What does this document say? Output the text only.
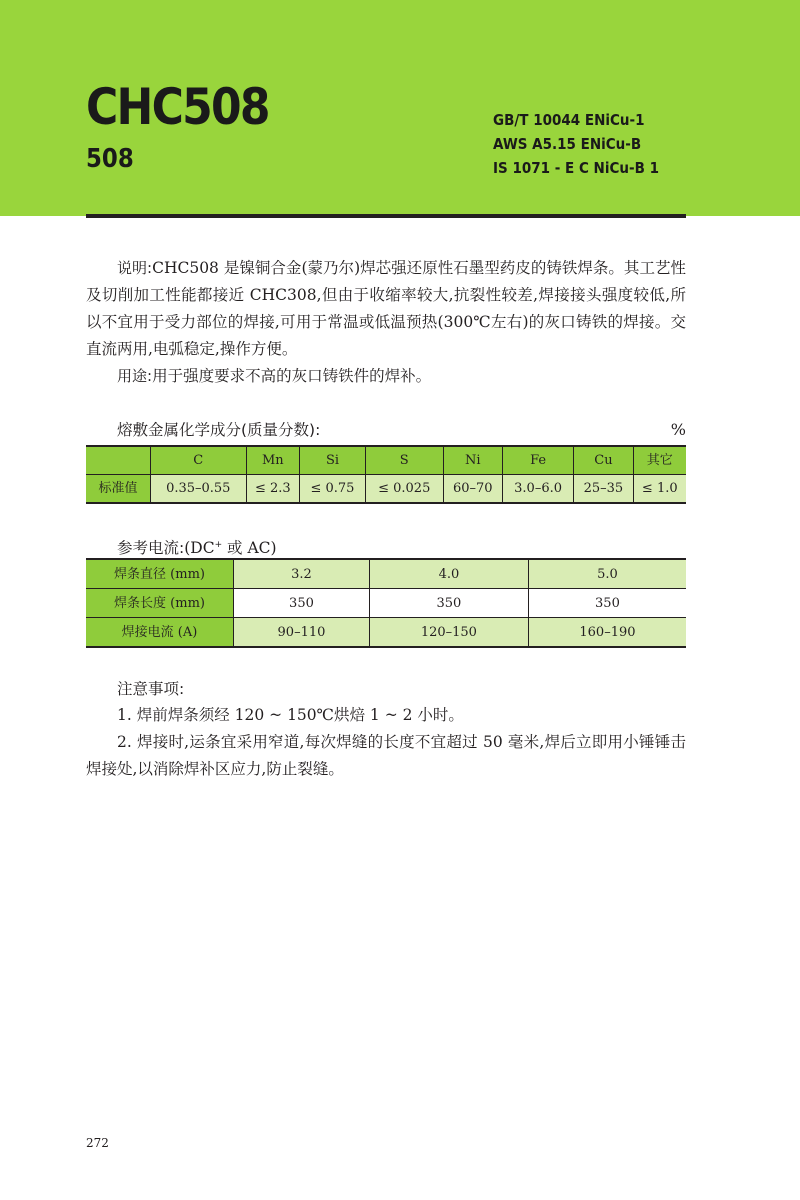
CHC508
508
GB/T 10044 ENiCu-1
AWS A5.15 ENiCu-B
IS 1071 - E C NiCu-B 1

说明:CHC508 是镍铜合金(蒙乃尔)焊芯强还原性石墨型药皮的铸铁焊条。其工艺性及切削加工性能都接近 CHC308,但由于收缩率较大,抗裂性较差,焊接接头强度较低,所以不宜用于受力部位的焊接,可用于常温或低温预热(300℃左右)的灰口铸铁的焊接。交直流两用,电弧稳定,操作方便。

用途:用于强度要求不高的灰口铸铁件的焊补。

熔敷金属化学成分(质量分数):	%
	C	Mn	Si	S	Ni	Fe	Cu	其它
标准值	0.35–0.55	≤ 2.3	≤ 0.75	≤ 0.025	60–70	3.0–6.0	25–35	≤ 1.0
参考电流:(DC+ 或 AC)
焊条直径 (mm)	3.2	4.0	5.0
焊条长度 (mm)	350	350	350
焊接电流 (A)	90–110	120–150	160–190
注意事项:

1. 焊前焊条须经 120 ~ 150℃烘焙 1 ~ 2 小时。

2. 焊接时,运条宜采用窄道,每次焊缝的长度不宜超过 50 毫米,焊后立即用小锤锤击焊接处,以消除焊补区应力,防止裂缝。

272
